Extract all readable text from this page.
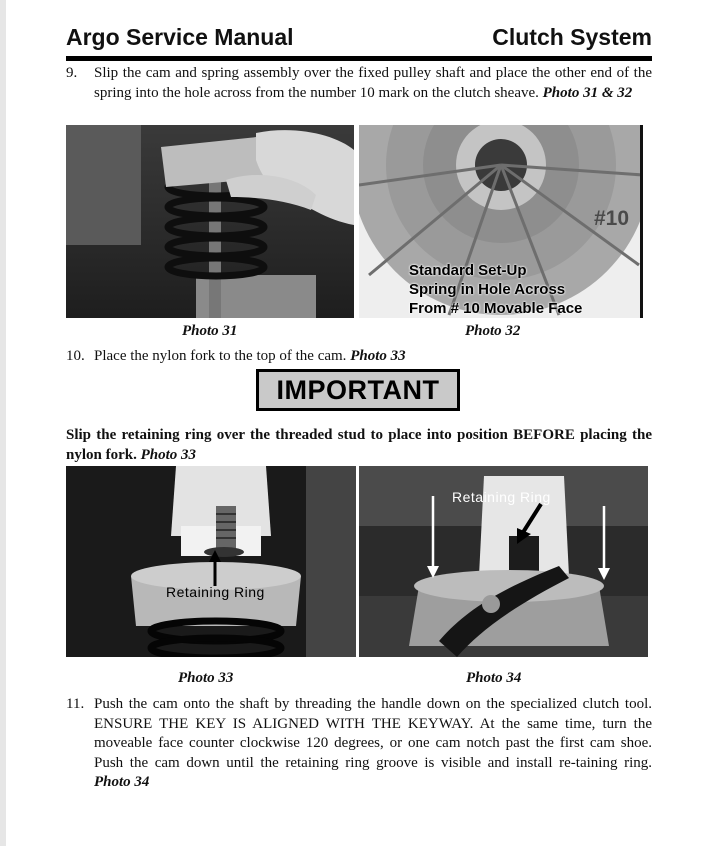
Argo Service Manual	Clutch System
9. Slip the cam and spring assembly over the fixed pulley shaft and place the other end of the spring into the hole across from the number 10 mark on the clutch sheave. Photo 31 & 32
Photo 31
#10
Standard Set-Up
Spring in Hole Across
From # 10 Movable Face
Photo 32
10. Place the nylon fork to the top of the cam. Photo 33
IMPORTANT
Slip the retaining ring over the threaded stud to place into position BEFORE placing the nylon fork. Photo 33
Retaining Ring
Photo 33
Retaining Ring
Photo 34
11. Push the cam onto the shaft by threading the handle down on the specialized clutch tool. ENSURE THE KEY IS ALIGNED WITH THE KEYWAY. At the same time, turn the moveable face counter clockwise 120 degrees, or one cam notch past the first cam shoe. Push the cam down until the retaining ring groove is visible and install re-taining ring. Photo 34
